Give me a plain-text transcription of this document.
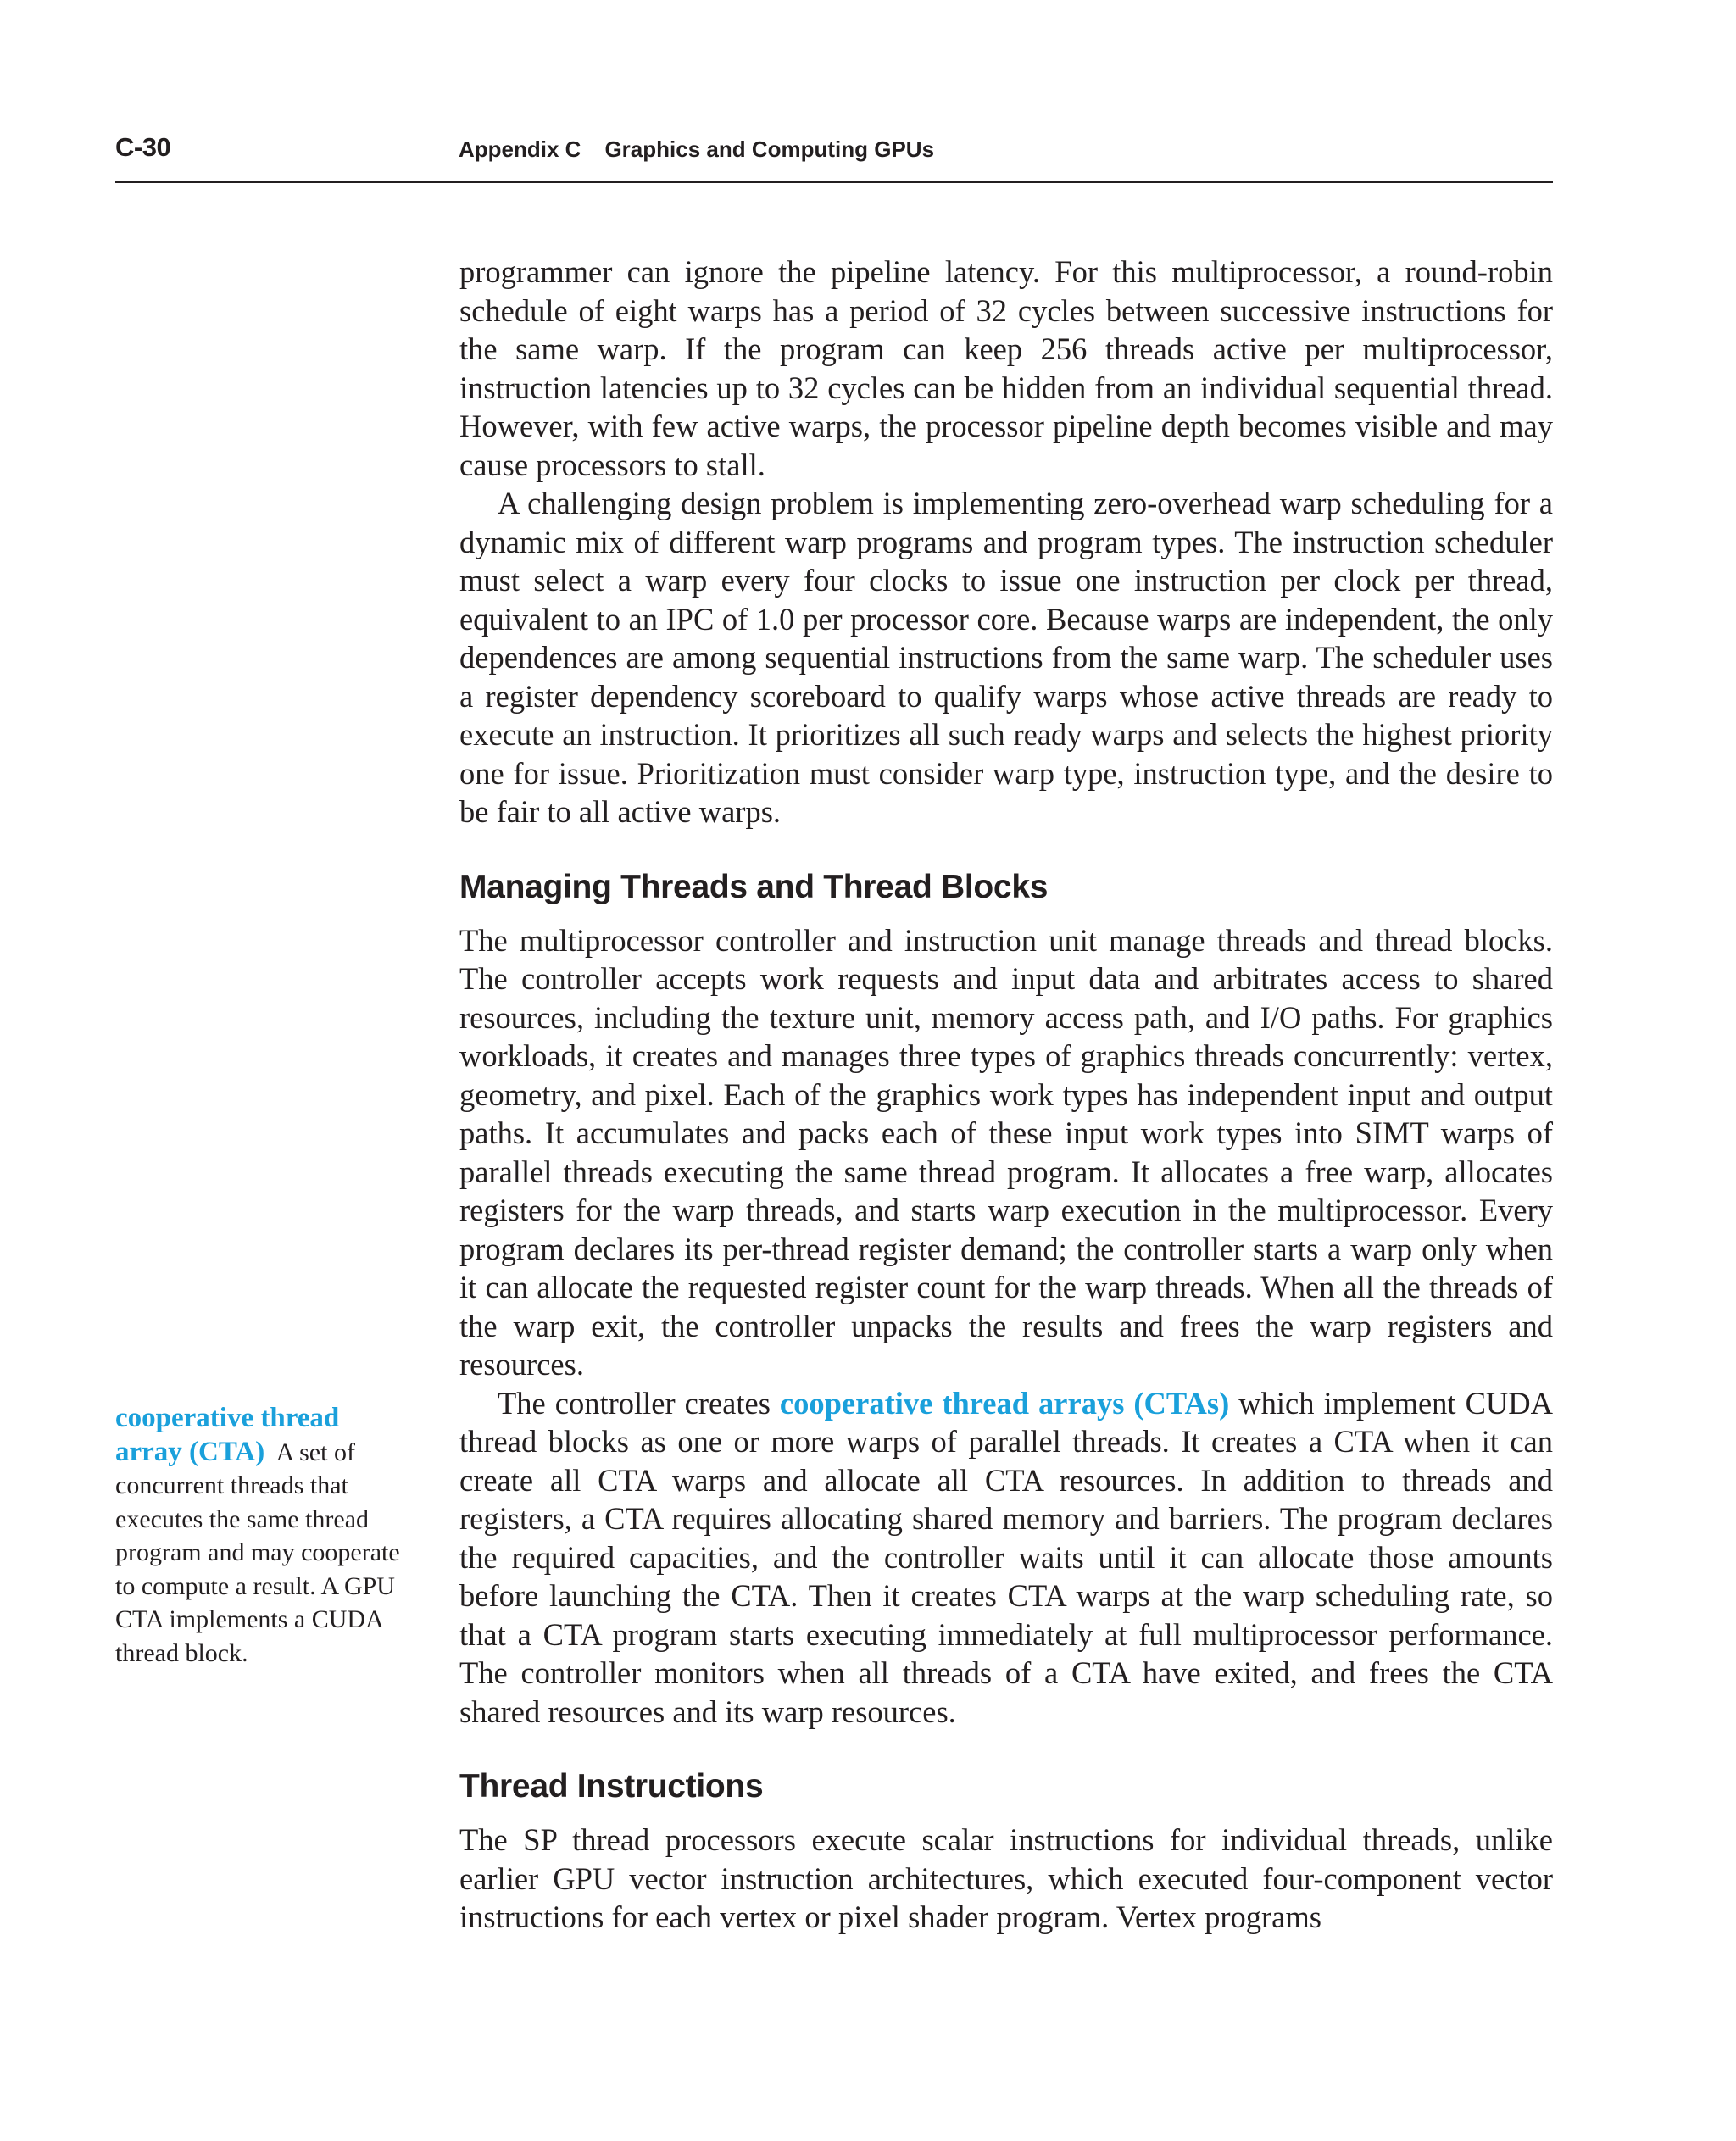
C-30	Appendix C Graphics and Computing GPUs
cooperative thread array (CTA) A set of concurrent threads that executes the same thread program and may cooperate to compute a result. A GPU CTA implements a CUDA thread block.

programmer can ignore the pipeline latency. For this multiprocessor, a round-robin schedule of eight warps has a period of 32 cycles between successive instructions for the same warp. If the program can keep 256 threads active per multiprocessor, instruction latencies up to 32 cycles can be hidden from an individual sequential thread. However, with few active warps, the processor pipeline depth becomes visible and may cause processors to stall.

A challenging design problem is implementing zero-overhead warp scheduling for a dynamic mix of different warp programs and program types. The instruction scheduler must select a warp every four clocks to issue one instruction per clock per thread, equivalent to an IPC of 1.0 per processor core. Because warps are independent, the only dependences are among sequential instructions from the same warp. The scheduler uses a register dependency scoreboard to qualify warps whose active threads are ready to execute an instruction. It prioritizes all such ready warps and selects the highest priority one for issue. Prioritization must consider warp type, instruction type, and the desire to be fair to all active warps.

Managing Threads and Thread Blocks

The multiprocessor controller and instruction unit manage threads and thread blocks. The controller accepts work requests and input data and arbitrates access to shared resources, including the texture unit, memory access path, and I/O paths. For graphics workloads, it creates and manages three types of graphics threads concurrently: vertex, geometry, and pixel. Each of the graphics work types has independent input and output paths. It accumulates and packs each of these input work types into SIMT warps of parallel threads executing the same thread program. It allocates a free warp, allocates registers for the warp threads, and starts warp execution in the multiprocessor. Every program declares its per-thread register demand; the controller starts a warp only when it can allocate the requested register count for the warp threads. When all the threads of the warp exit, the controller unpacks the results and frees the warp registers and resources.

The controller creates cooperative thread arrays (CTAs) which implement CUDA thread blocks as one or more warps of parallel threads. It creates a CTA when it can create all CTA warps and allocate all CTA resources. In addition to threads and registers, a CTA requires allocating shared memory and barriers. The program declares the required capacities, and the controller waits until it can allocate those amounts before launching the CTA. Then it creates CTA warps at the warp scheduling rate, so that a CTA program starts executing immediately at full multiprocessor performance. The controller monitors when all threads of a CTA have exited, and frees the CTA shared resources and its warp resources.

Thread Instructions

The SP thread processors execute scalar instructions for individual threads, unlike earlier GPU vector instruction architectures, which executed four-component vector instructions for each vertex or pixel shader program. Vertex programs
